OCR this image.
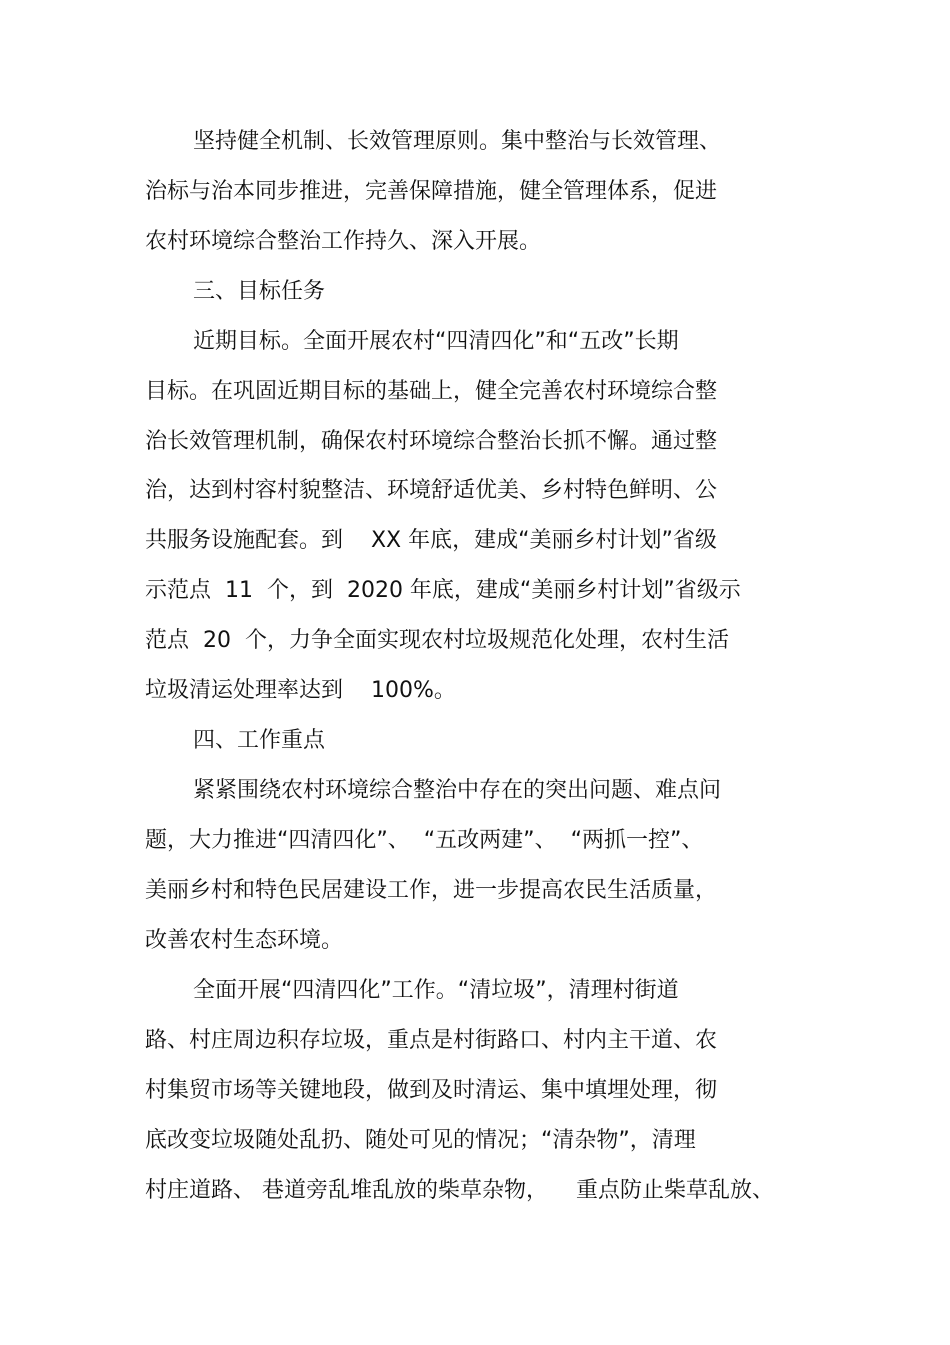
坚持健全机制、长效管理原则。集中整治与长效管理、
治标与治本同步推进，完善保障措施，健全管理体系，促进
农村环境综合整治工作持久、深入开展。
三、目标任务
近期目标。全面开展农村“四清四化”和“五改”长期
目标。在巩固近期目标的基础上，健全完善农村环境综合整
治长效管理机制，确保农村环境综合整治长抓不懈。通过整
治，达到村容村貌整洁、环境舒适优美、乡村特色鲜明、公
共服务设施配套。到    XX 年底，建成“美丽乡村计划”省级
示范点  11  个，到  2020 年底，建成“美丽乡村计划”省级示
范点  20  个，力争全面实现农村垃圾规范化处理，农村生活
垃圾清运处理率达到    100%。
四、工作重点
紧紧围绕农村环境综合整治中存在的突出问题、难点问
题，大力推进“四清四化”、  “五改两建”、  “两抓一控”、
美丽乡村和特色民居建设工作，进一步提高农民生活质量，
改善农村生态环境。
全面开展“四清四化”工作。“清垃圾”，清理村街道
路、村庄周边积存垃圾，重点是村街路口、村内主干道、农
村集贸市场等关键地段，做到及时清运、集中填埋处理，彻
底改变垃圾随处乱扔、随处可见的情况；“清杂物”，清理
村庄道路、 巷道旁乱堆乱放的柴草杂物，    重点防止柴草乱放、
